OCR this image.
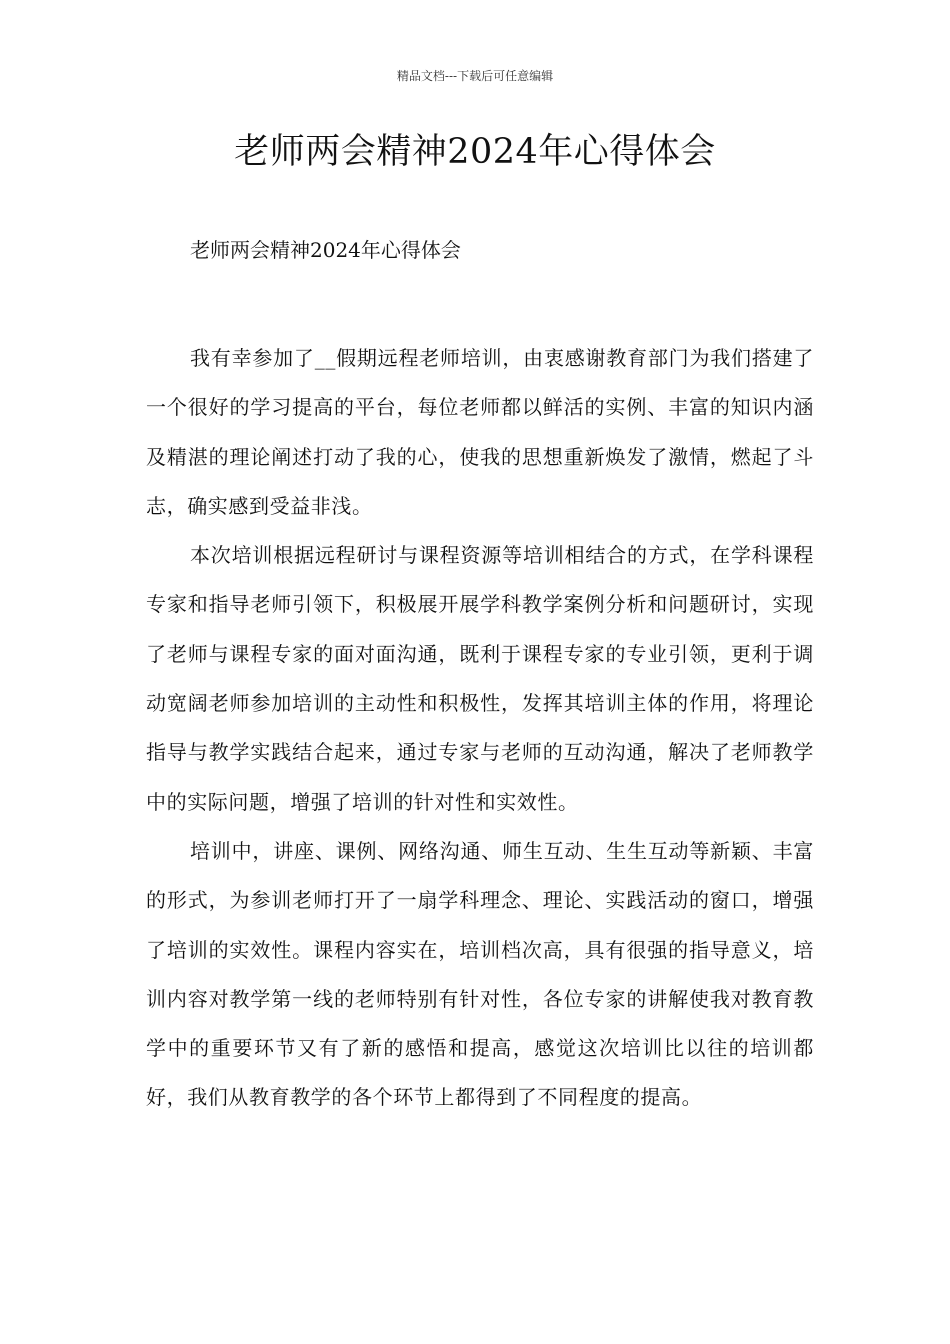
精品文档---下载后可任意编辑
老师两会精神2024年心得体会
老师两会精神2024年心得体会

我有幸参加了__假期远程老师培训，由衷感谢教育部门为我们搭建了一个很好的学习提高的平台，每位老师都以鲜活的实例、丰富的知识内涵及精湛的理论阐述打动了我的心，使我的思想重新焕发了激情，燃起了斗志，确实感到受益非浅。

本次培训根据远程研讨与课程资源等培训相结合的方式，在学科课程专家和指导老师引领下，积极展开展学科教学案例分析和问题研讨，实现了老师与课程专家的面对面沟通，既利于课程专家的专业引领，更利于调动宽阔老师参加培训的主动性和积极性，发挥其培训主体的作用，将理论指导与教学实践结合起来，通过专家与老师的互动沟通，解决了老师教学中的实际问题，增强了培训的针对性和实效性。

培训中，讲座、课例、网络沟通、师生互动、生生互动等新颖、丰富的形式，为参训老师打开了一扇学科理念、理论、实践活动的窗口，增强了培训的实效性。课程内容实在，培训档次高，具有很强的指导意义，培训内容对教学第一线的老师特别有针对性，各位专家的讲解使我对教育教学中的重要环节又有了新的感悟和提高，感觉这次培训比以往的培训都好，我们从教育教学的各个环节上都得到了不同程度的提高。
